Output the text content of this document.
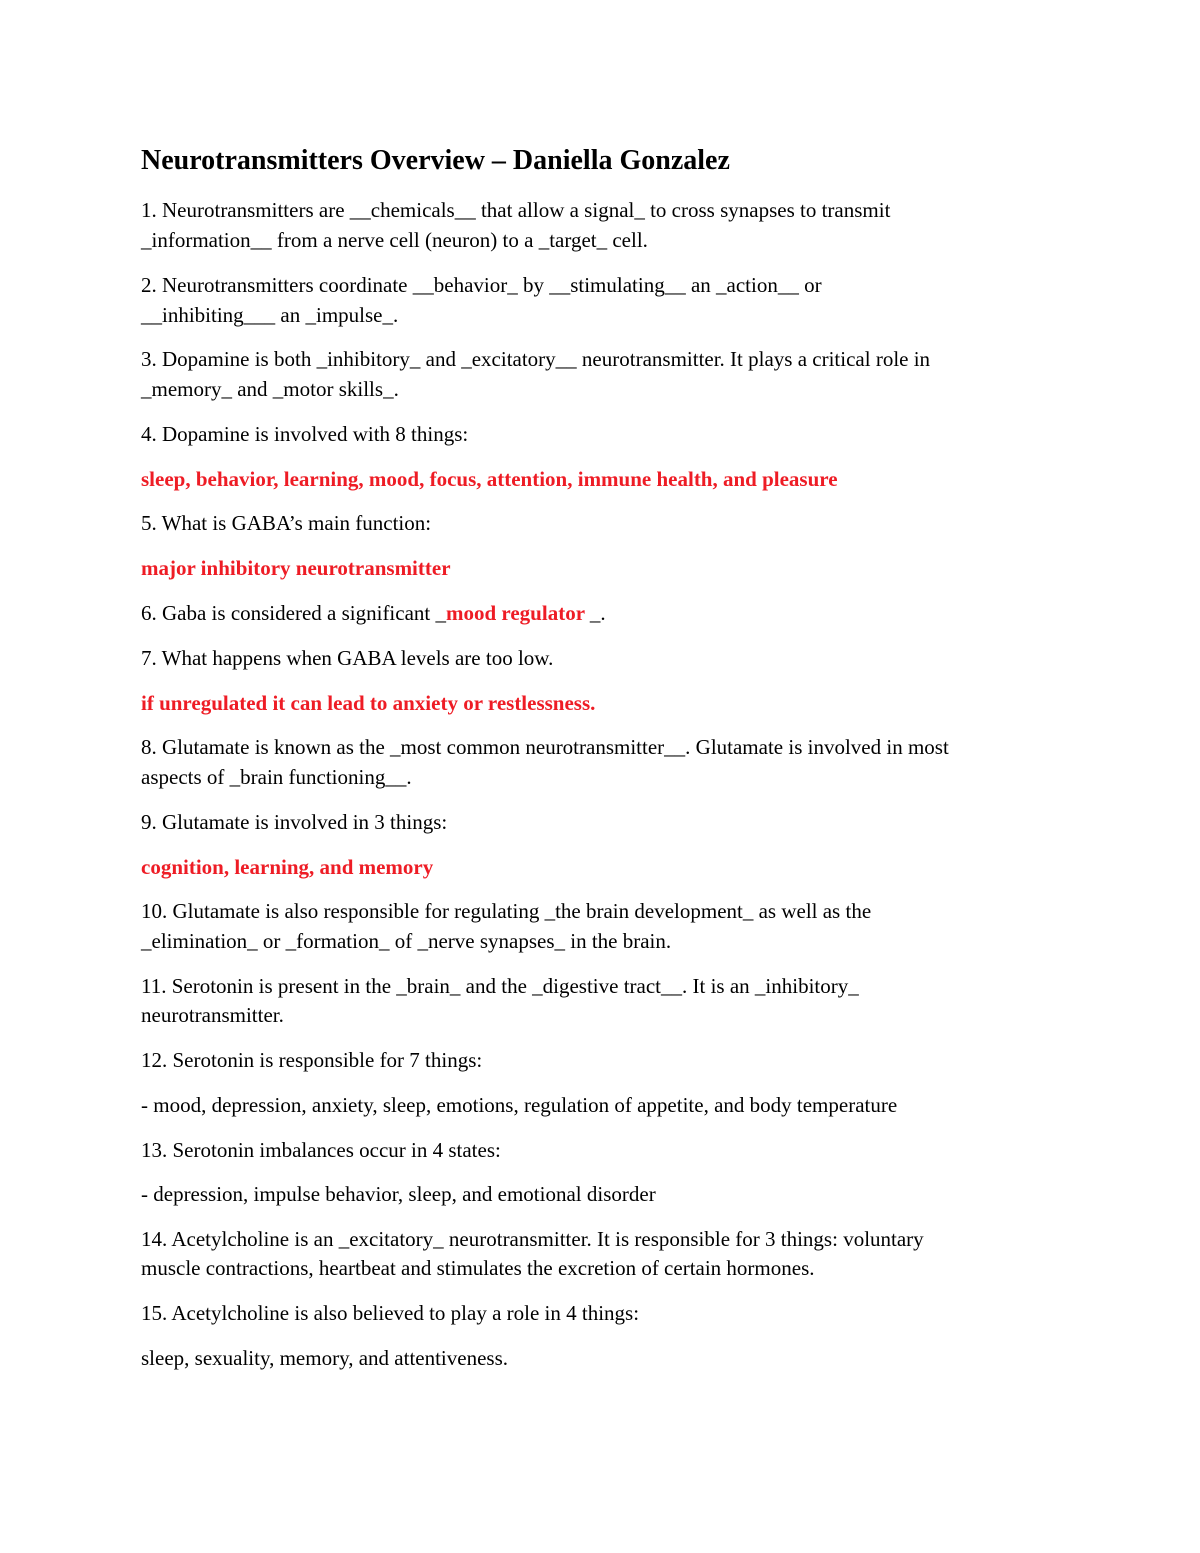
Neurotransmitters Overview – Daniella Gonzalez

1. Neurotransmitters are __chemicals__ that allow a signal_ to cross synapses to transmit

_information__ from a nerve cell (neuron) to a _target_ cell.

2. Neurotransmitters coordinate __behavior_ by __stimulating__ an _action__ or

__inhibiting___ an _impulse_.

3. Dopamine is both _inhibitory_ and _excitatory__ neurotransmitter. It plays a critical role in

_memory_ and _motor skills_.

4. Dopamine is involved with 8 things:

sleep, behavior, learning, mood, focus, attention, immune health, and pleasure

5. What is GABA’s main function:

major inhibitory neurotransmitter

6. Gaba is considered a significant _mood regulator _.

7. What happens when GABA levels are too low.

if unregulated it can lead to anxiety or restlessness.

8. Glutamate is known as the _most common neurotransmitter__. Glutamate is involved in most

aspects of _brain functioning__.

9. Glutamate is involved in 3 things:

cognition, learning, and memory

10. Glutamate is also responsible for regulating _the brain development_ as well as the

_elimination_ or _formation_ of _nerve synapses_ in the brain.

11. Serotonin is present in the _brain_ and the _digestive tract__. It is an _inhibitory_

neurotransmitter.

12. Serotonin is responsible for 7 things:

- mood, depression, anxiety, sleep, emotions, regulation of appetite, and body temperature

13. Serotonin imbalances occur in 4 states:

- depression, impulse behavior, sleep, and emotional disorder

14. Acetylcholine is an _excitatory_ neurotransmitter. It is responsible for 3 things: voluntary

muscle contractions, heartbeat and stimulates the excretion of certain hormones.

15. Acetylcholine is also believed to play a role in 4 things:

sleep, sexuality, memory, and attentiveness.
